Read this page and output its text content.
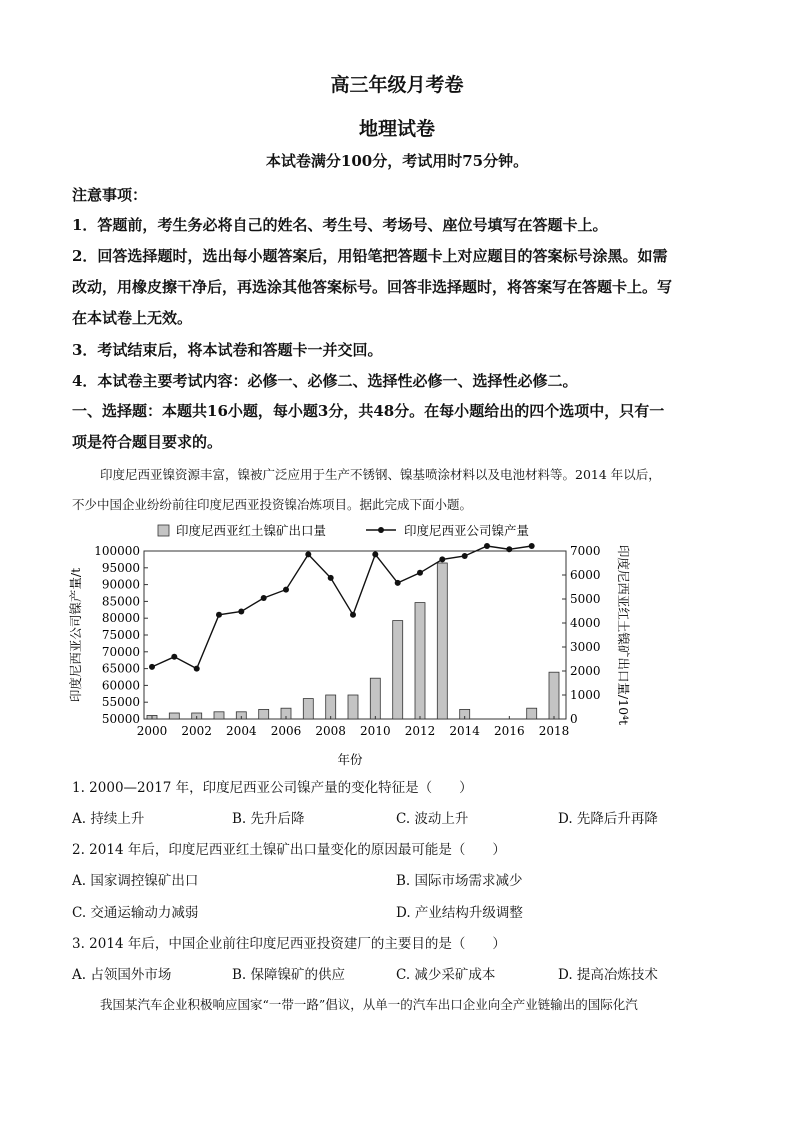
高三年级月考卷
地理试卷
本试卷满分100分，考试用时75分钟。
注意事项：
1．答题前，考生务必将自己的姓名、考生号、考场号、座位号填写在答题卡上。
2．回答选择题时，选出每小题答案后，用铅笔把答题卡上对应题目的答案标号涂黑。如需
改动，用橡皮擦干净后，再选涂其他答案标号。回答非选择题时，将答案写在答题卡上。写
在本试卷上无效。
3．考试结束后，将本试卷和答题卡一并交回。
4．本试卷主要考试内容：必修一、必修二、选择性必修一、选择性必修二。
一、选择题：本题共16小题，每小题3分，共48分。在每小题给出的四个选项中，只有一
项是符合题目要求的。
印度尼西亚镍资源丰富，镍被广泛应用于生产不锈钢、镍基喷涂材料以及电池材料等。2014 年以后，
不少中国企业纷纷前往印度尼西亚投资镍冶炼项目。据此完成下面小题。
印度尼西亚红土镍矿出口量	印度尼西亚公司镍产量
50000
55000
60000
65000
70000
75000
80000
85000
90000
95000
100000
0
1000
2000
3000
4000
5000
6000
7000
2000 2002 2004 2006 2008 2010 2012 2014 2016 2018
年份
印度尼西亚公司镍产量/t	印度尼西亚红土镍矿出口量/10⁴t
1. 2000—2017 年，印度尼西亚公司镍产量的变化特征是（　　）
A. 持续上升	B. 先升后降	C. 波动上升	D. 先降后升再降
2. 2014 年后，印度尼西亚红土镍矿出口量变化的原因最可能是（　　）
A. 国家调控镍矿出口	B. 国际市场需求减少
C. 交通运输动力减弱	D. 产业结构升级调整
3. 2014 年后，中国企业前往印度尼西亚投资建厂的主要目的是（　　）
A. 占领国外市场	B. 保障镍矿的供应	C. 减少采矿成本	D. 提高冶炼技术
我国某汽车企业积极响应国家“一带一路”倡议，从单一的汽车出口企业向全产业链输出的国际化汽
